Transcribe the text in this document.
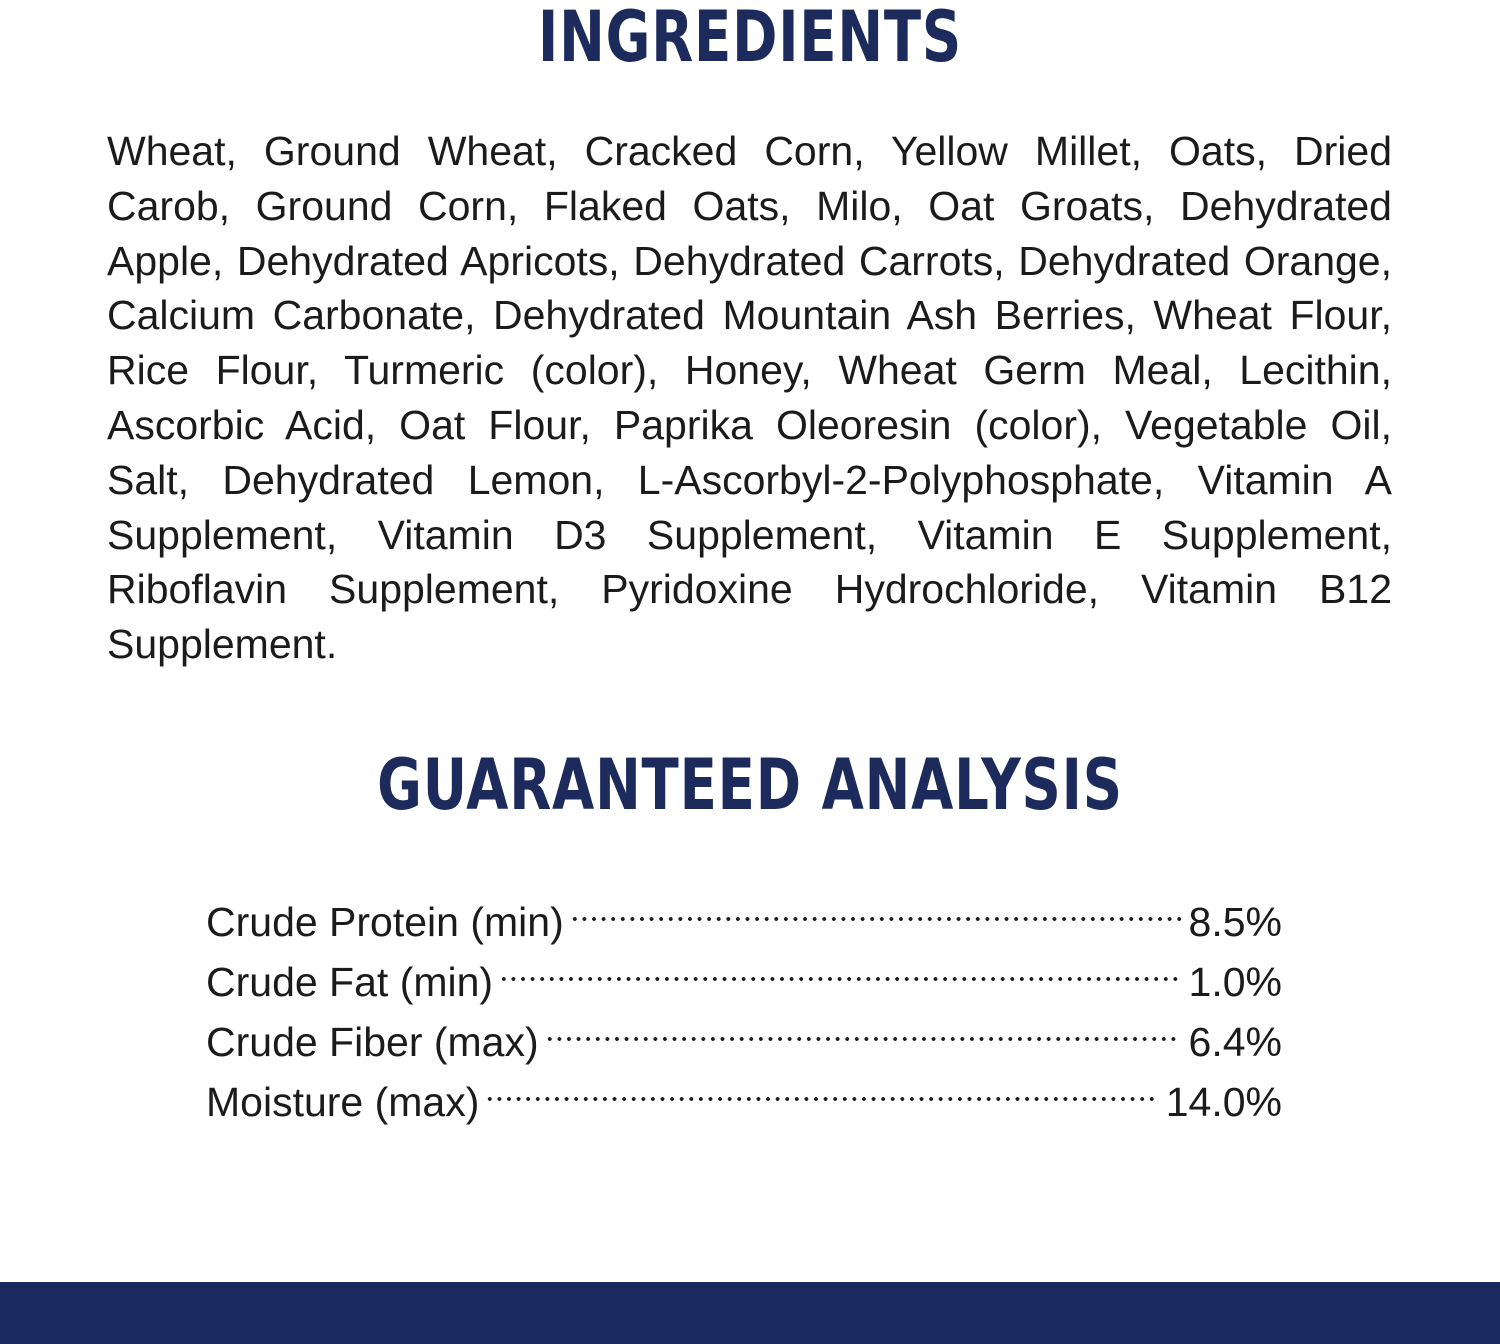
INGREDIENTS

Wheat, Ground Wheat, Cracked Corn, Yellow Millet, Oats, Dried Carob, Ground Corn, Flaked Oats, Milo, Oat Groats, Dehydrated Apple, Dehydrated Apricots, Dehydrated Carrots, Dehydrated Orange, Calcium Carbonate, Dehydrated Mountain Ash Berries, Wheat Flour, Rice Flour, Turmeric (color), Honey, Wheat Germ Meal, Lecithin, Ascorbic Acid, Oat Flour, Paprika Oleoresin (color), Vegetable Oil, Salt, Dehydrated Lemon, L-Ascorbyl-2-Polyphosphate, Vitamin A Supplement, Vitamin D3 Supplement, Vitamin E Supplement, Riboflavin Supplement, Pyridoxine Hydrochloride, Vitamin B12 Supplement.

GUARANTEED ANALYSIS
Crude Protein (min)	8.5%
Crude Fat (min)	1.0%
Crude Fiber (max)	6.4%
Moisture (max)	14.0%
